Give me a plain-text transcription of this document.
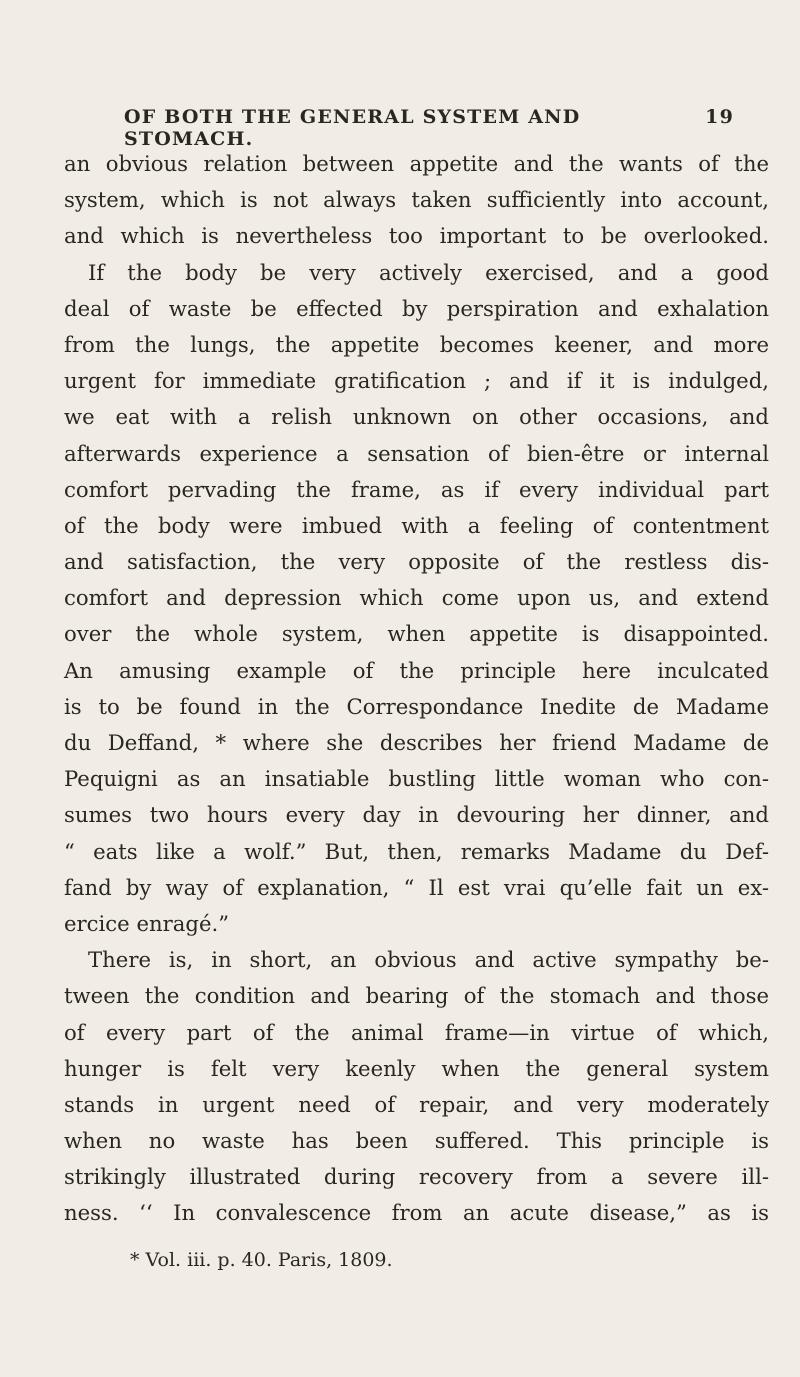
OF BOTH THE GENERAL SYSTEM AND STOMACH.
19
an obvious relation between appetite and the wants of the
system, which is not always taken sufficiently into account,
and which is nevertheless too important to be overlooked.
If the body be very actively exercised, and a good
deal of waste be effected by perspiration and exhalation
from the lungs, the appetite becomes keener, and more
urgent for immediate gratification ; and if it is indulged,
we eat with a relish unknown on other occasions, and
afterwards experience a sensation of bien-être or internal
comfort pervading the frame, as if every individual part
of the body were imbued with a feeling of contentment
and satisfaction, the very opposite of the restless dis-
comfort and depression which come upon us, and extend
over the whole system, when appetite is disappointed.
An amusing example of the principle here inculcated
is to be found in the Correspondance Inedite de Madame
du Deffand, * where she describes her friend Madame de
Pequigni as an insatiable bustling little woman who con-
sumes two hours every day in devouring her dinner, and
“ eats like a wolf.” But, then, remarks Madame du Def-
fand by way of explanation, “ Il est vrai qu’elle fait un ex-
ercice enragé.”
There is, in short, an obvious and active sympathy be-
tween the condition and bearing of the stomach and those
of every part of the animal frame—in virtue of which,
hunger is felt very keenly when the general system
stands in urgent need of repair, and very moderately
when no waste has been suffered. This principle is
strikingly illustrated during recovery from a severe ill-
ness. ‘‘ In convalescence from an acute disease,” as is
* Vol. iii. p. 40. Paris, 1809.
